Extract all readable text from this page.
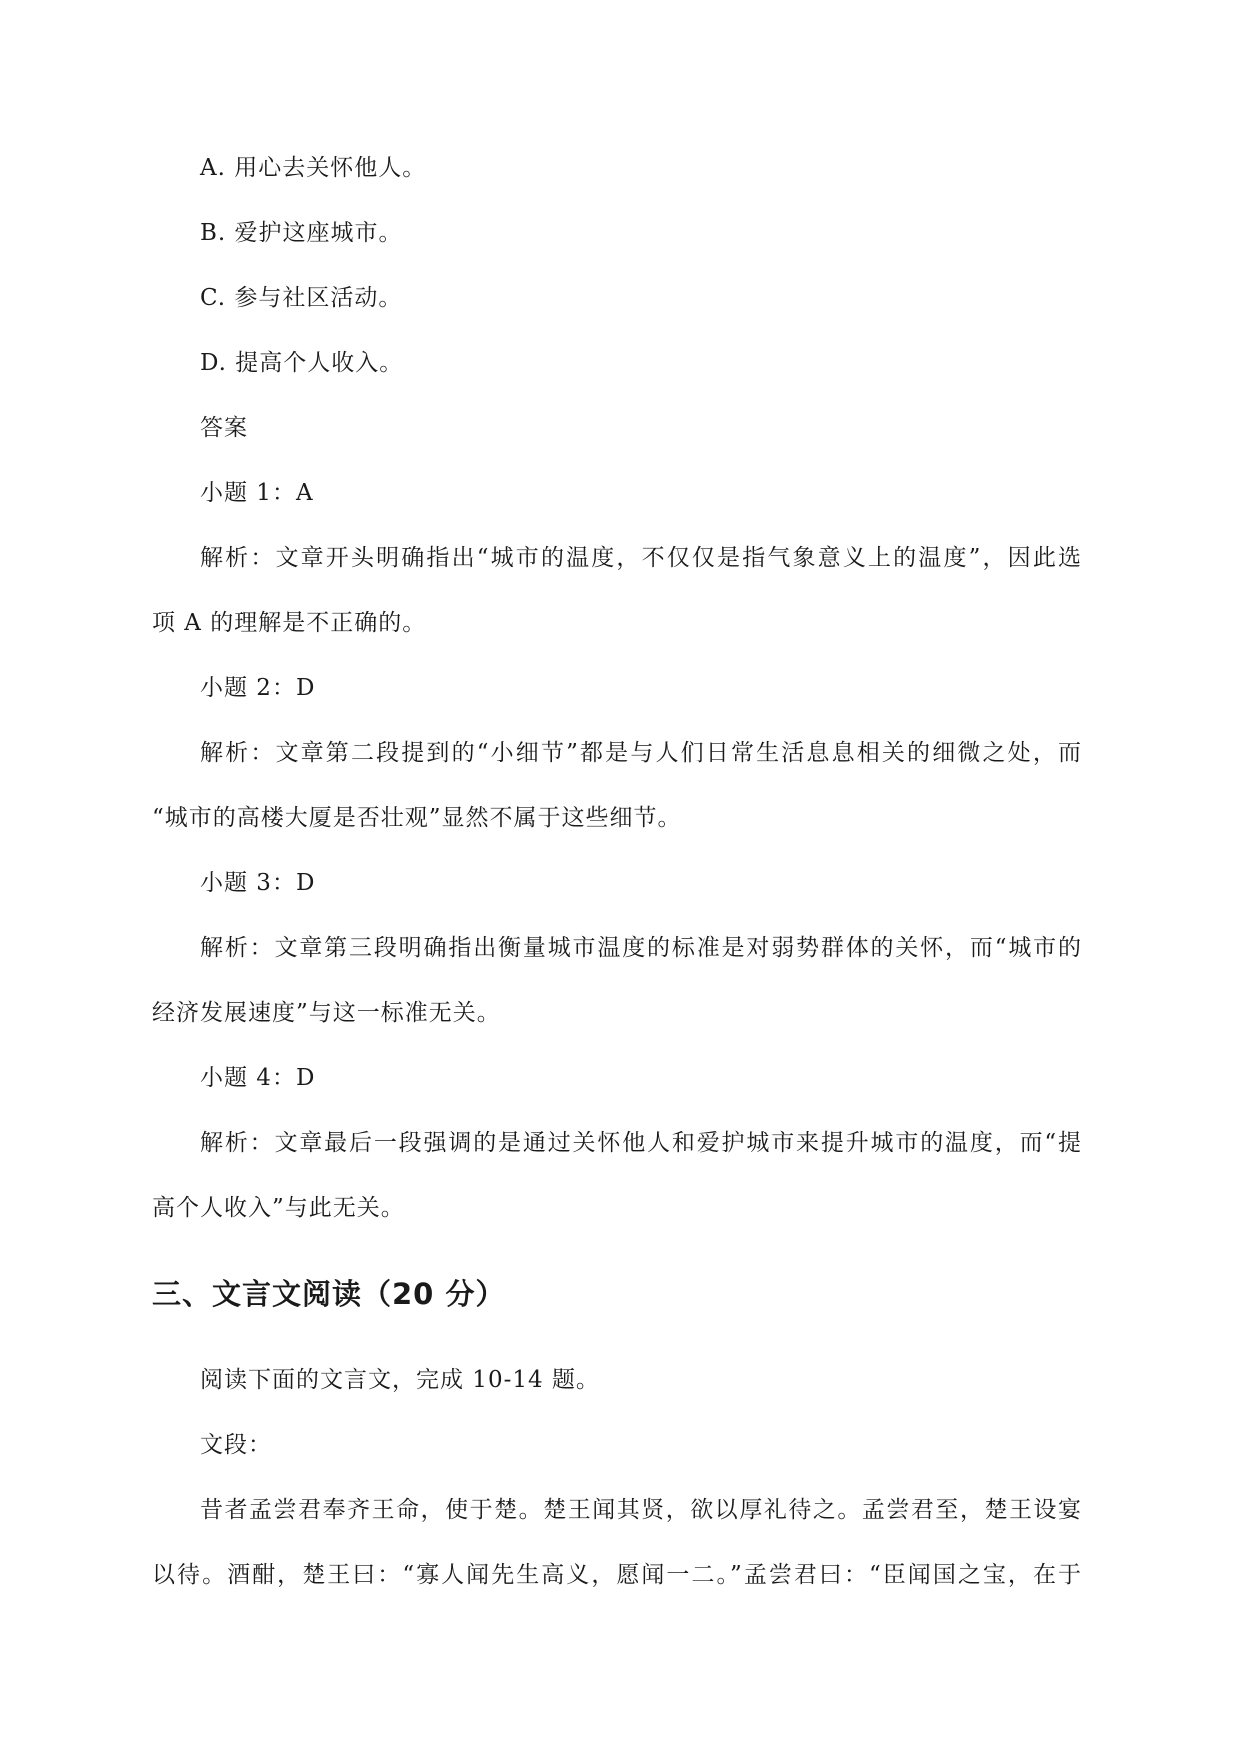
A. 用心去关怀他人。
B. 爱护这座城市。
C. 参与社区活动。
D. 提高个人收入。
答案
小题 1：A
解析：文章开头明确指出“城市的温度，不仅仅是指气象意义上的温度”，因此选
项 A 的理解是不正确的。
小题 2：D
解析：文章第二段提到的“小细节”都是与人们日常生活息息相关的细微之处，而
“城市的高楼大厦是否壮观”显然不属于这些细节。
小题 3：D
解析：文章第三段明确指出衡量城市温度的标准是对弱势群体的关怀，而“城市的
经济发展速度”与这一标准无关。
小题 4：D
解析：文章最后一段强调的是通过关怀他人和爱护城市来提升城市的温度，而“提
高个人收入”与此无关。
三、文言文阅读（20 分）
阅读下面的文言文，完成 10-14 题。
文段：
昔者孟尝君奉齐王命，使于楚。楚王闻其贤，欲以厚礼待之。孟尝君至，楚王设宴
以待。酒酣，楚王曰：“寡人闻先生高义，愿闻一二。”孟尝君曰：“臣闻国之宝，在于
